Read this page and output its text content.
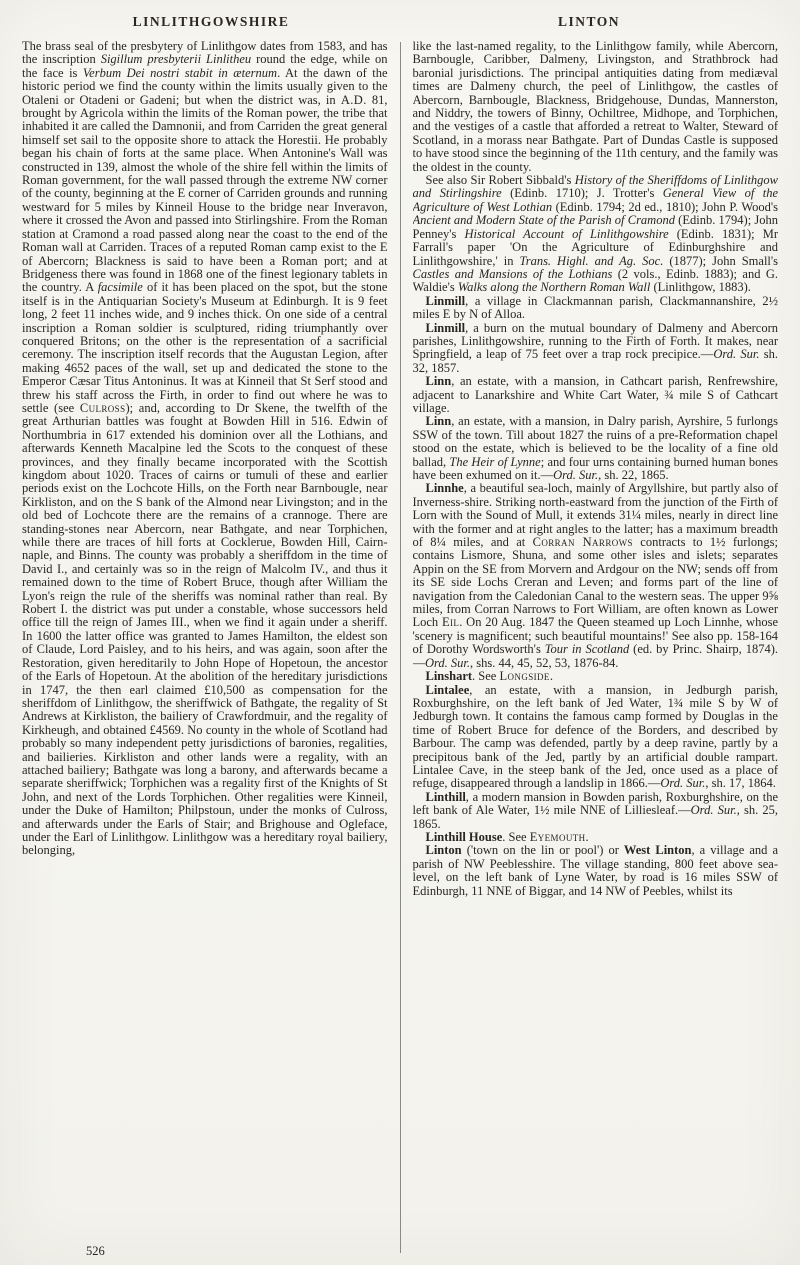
LINLITHGOWSHIRE	LINTON

The brass seal of the presbytery of Linlithgow dates from 1583, and has the inscription Sigillum presbyterii Linlitheu round the edge, while on the face is Verbum Dei nostri stabit in æternum. At the dawn of the historic period we find the county within the limits usually given to the Otaleni or Otadeni or Gadeni; but when the district was, in A.D. 81, brought by Agricola within the limits of the Roman power, the tribe that inhabited it are called the Damnonii, and from Carriden the great general himself set sail to the opposite shore to attack the Horestii. He probably began his chain of forts at the same place. When Antonine's Wall was constructed in 139, almost the whole of the shire fell within the limits of Roman government, for the wall passed through the extreme NW corner of the county, beginning at the E corner of Carriden grounds and running westward for 5 miles by Kinneil House to the bridge near Inveravon, where it crossed the Avon and passed into Stirlingshire. From the Roman station at Cramond a road passed along near the coast to the end of the Roman wall at Carriden. Traces of a reputed Roman camp exist to the E of Abercorn; Blackness is said to have been a Roman port; and at Bridgeness there was found in 1868 one of the finest legionary tablets in the country. A facsimile of it has been placed on the spot, but the stone itself is in the Antiquarian Society's Museum at Edinburgh. It is 9 feet long, 2 feet 11 inches wide, and 9 inches thick. On one side of a central inscription a Roman soldier is sculptured, riding triumphantly over conquered Britons; on the other is the representation of a sacrificial ceremony. The inscription itself records that the Augustan Legion, after making 4652 paces of the wall, set up and dedicated the stone to the Emperor Cæsar Titus Antoninus. It was at Kinneil that St Serf stood and threw his staff across the Firth, in order to find out where he was to settle (see Culross); and, according to Dr Skene, the twelfth of the great Arthurian battles was fought at Bowden Hill in 516. Edwin of Northumbria in 617 extended his dominion over all the Lothians, and afterwards Kenneth Macalpine led the Scots to the conquest of these provinces, and they finally became incorporated with the Scottish kingdom about 1020. Traces of cairns or tumuli of these and earlier periods exist on the Lochcote Hills, on the Forth near Barnbougle, near Kirkliston, and on the S bank of the Almond near Livingston; and in the old bed of Lochcote there are the remains of a crannoge. There are standing-stones near Abercorn, near Bathgate, and near Torphichen, while there are traces of hill forts at Cocklerue, Bowden Hill, Cairn-naple, and Binns. The county was probably a sheriffdom in the time of David I., and certainly was so in the reign of Malcolm IV., and thus it remained down to the time of Robert Bruce, though after William the Lyon's reign the rule of the sheriffs was nominal rather than real. By Robert I. the district was put under a constable, whose successors held office till the reign of James III., when we find it again under a sheriff. In 1600 the latter office was granted to James Hamilton, the eldest son of Claude, Lord Paisley, and to his heirs, and was again, soon after the Restoration, given hereditarily to John Hope of Hopetoun, the ancestor of the Earls of Hopetoun. At the abolition of the hereditary jurisdictions in 1747, the then earl claimed £10,500 as compensation for the sheriffdom of Linlithgow, the sheriffwick of Bathgate, the regality of St Andrews at Kirkliston, the bailiery of Crawfordmuir, and the regality of Kirkheugh, and obtained £4569. No county in the whole of Scotland had probably so many independent petty jurisdictions of baronies, regalities, and bailieries. Kirkliston and other lands were a regality, with an attached bailiery; Bathgate was long a barony, and afterwards became a separate sheriffwick; Torphichen was a regality first of the Knights of St John, and next of the Lords Torphichen. Other regalities were Kinneil, under the Duke of Hamilton; Philpstoun, under the monks of Culross, and afterwards under the Earls of Stair; and Brighouse and Ogleface, under the Earl of Linlithgow. Linlithgow was a hereditary royal bailiery, belonging,

like the last-named regality, to the Linlithgow family, while Abercorn, Barnbougle, Caribber, Dalmeny, Livingston, and Strathbrock had baronial jurisdictions. The principal antiquities dating from mediæval times are Dalmeny church, the peel of Linlithgow, the castles of Abercorn, Barnbougle, Blackness, Bridgehouse, Dundas, Mannerston, and Niddry, the towers of Binny, Ochiltree, Midhope, and Torphichen, and the vestiges of a castle that afforded a retreat to Walter, Steward of Scotland, in a morass near Bathgate. Part of Dundas Castle is supposed to have stood since the beginning of the 11th century, and the family was the oldest in the county.

See also Sir Robert Sibbald's History of the Sheriffdoms of Linlithgow and Stirlingshire (Edinb. 1710); J. Trotter's General View of the Agriculture of West Lothian (Edinb. 1794; 2d ed., 1810); John P. Wood's Ancient and Modern State of the Parish of Cramond (Edinb. 1794); John Penney's Historical Account of Linlithgowshire (Edinb. 1831); Mr Farrall's paper 'On the Agriculture of Edinburghshire and Linlithgowshire,' in Trans. Highl. and Ag. Soc. (1877); John Small's Castles and Mansions of the Lothians (2 vols., Edinb. 1883); and G. Waldie's Walks along the Northern Roman Wall (Linlithgow, 1883).

Linmill, a village in Clackmannan parish, Clackmannanshire, 2½ miles E by N of Alloa.

Linmill, a burn on the mutual boundary of Dalmeny and Abercorn parishes, Linlithgowshire, running to the Firth of Forth. It makes, near Springfield, a leap of 75 feet over a trap rock precipice.—Ord. Sur. sh. 32, 1857.

Linn, an estate, with a mansion, in Cathcart parish, Renfrewshire, adjacent to Lanarkshire and White Cart Water, ¾ mile S of Cathcart village.

Linn, an estate, with a mansion, in Dalry parish, Ayrshire, 5 furlongs SSW of the town. Till about 1827 the ruins of a pre-Reformation chapel stood on the estate, which is believed to be the locality of a fine old ballad, The Heir of Lynne; and four urns containing burned human bones have been exhumed on it.—Ord. Sur., sh. 22, 1865.

Linnhe, a beautiful sea-loch, mainly of Argyllshire, but partly also of Inverness-shire. Striking north-eastward from the junction of the Firth of Lorn with the Sound of Mull, it extends 31¼ miles, nearly in direct line with the former and at right angles to the latter; has a maximum breadth of 8¼ miles, and at Corran Narrows contracts to 1½ furlongs; contains Lismore, Shuna, and some other isles and islets; separates Appin on the SE from Morvern and Ardgour on the NW; sends off from its SE side Lochs Creran and Leven; and forms part of the line of navigation from the Caledonian Canal to the western seas. The upper 9⅝ miles, from Corran Narrows to Fort William, are often known as Lower Loch Eil. On 20 Aug. 1847 the Queen steamed up Loch Linnhe, whose 'scenery is magnificent; such beautiful mountains!' See also pp. 158-164 of Dorothy Wordsworth's Tour in Scotland (ed. by Princ. Shairp, 1874).—Ord. Sur., shs. 44, 45, 52, 53, 1876-84.

Linshart. See Longside.

Lintalee, an estate, with a mansion, in Jedburgh parish, Roxburghshire, on the left bank of Jed Water, 1¾ mile S by W of Jedburgh town. It contains the famous camp formed by Douglas in the time of Robert Bruce for defence of the Borders, and described by Barbour. The camp was defended, partly by a deep ravine, partly by a precipitous bank of the Jed, partly by an artificial double rampart. Lintalee Cave, in the steep bank of the Jed, once used as a place of refuge, disappeared through a landslip in 1866.—Ord. Sur., sh. 17, 1864.

Linthill, a modern mansion in Bowden parish, Roxburghshire, on the left bank of Ale Water, 1½ mile NNE of Lilliesleaf.—Ord. Sur., sh. 25, 1865.

Linthill House. See Eyemouth.

Linton ('town on the lin or pool') or West Linton, a village and a parish of NW Peeblesshire. The village standing, 800 feet above sea-level, on the left bank of Lyne Water, by road is 16 miles SSW of Edinburgh, 11 NNE of Biggar, and 14 NW of Peebles, whilst its

526
